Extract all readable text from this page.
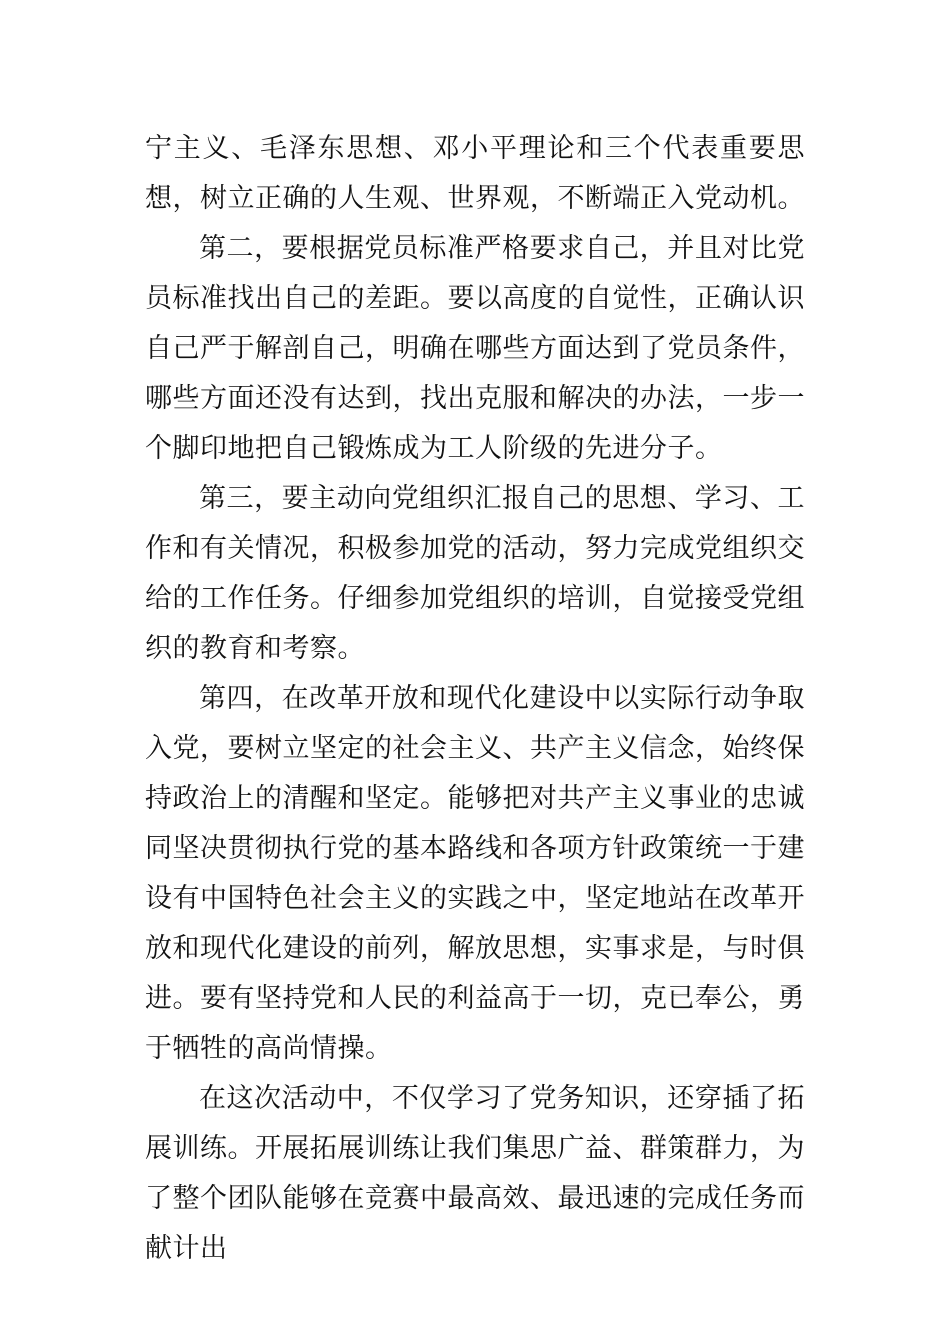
宁主义、毛泽东思想、邓小平理论和三个代表重要思想，树立正确的人生观、世界观，不断端正入党动机。

第二，要根据党员标准严格要求自己，并且对比党员标准找出自己的差距。要以高度的自觉性，正确认识自己严于解剖自己，明确在哪些方面达到了党员条件，哪些方面还没有达到，找出克服和解决的办法，一步一个脚印地把自己锻炼成为工人阶级的先进分子。

第三，要主动向党组织汇报自己的思想、学习、工作和有关情况，积极参加党的活动，努力完成党组织交给的工作任务。仔细参加党组织的培训，自觉接受党组织的教育和考察。

第四，在改革开放和现代化建设中以实际行动争取入党，要树立坚定的社会主义、共产主义信念，始终保持政治上的清醒和坚定。能够把对共产主义事业的忠诚同坚决贯彻执行党的基本路线和各项方针政策统一于建设有中国特色社会主义的实践之中，坚定地站在改革开放和现代化建设的前列，解放思想，实事求是，与时俱进。要有坚持党和人民的利益高于一切，克已奉公，勇于牺牲的高尚情操。

在这次活动中，不仅学习了党务知识，还穿插了拓展训练。开展拓展训练让我们集思广益、群策群力，为了整个团队能够在竞赛中最高效、最迅速的完成任务而献计出
